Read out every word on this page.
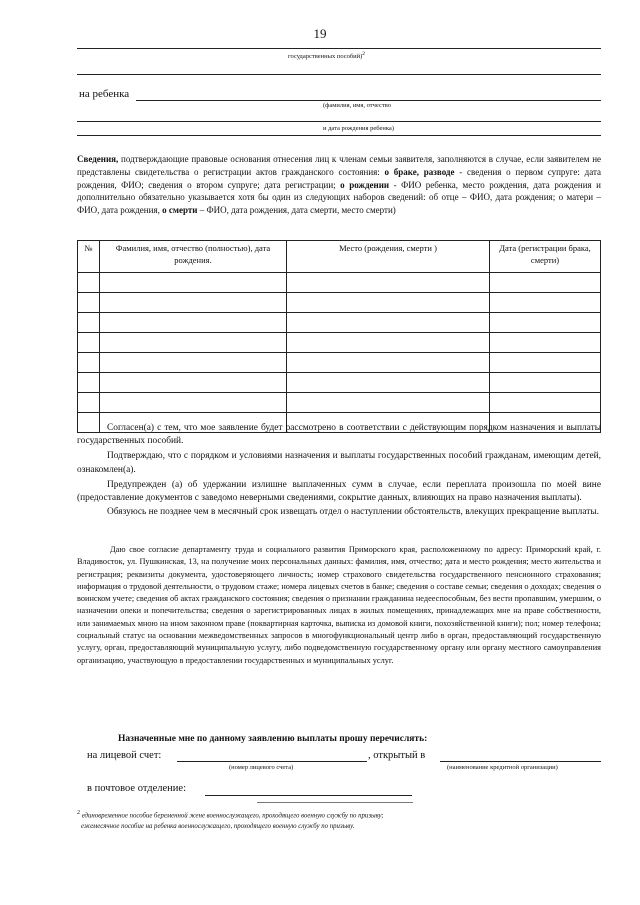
19
государственных пособий)$^2$
на ребенка
(фамилия, имя, отчество
и дата рождения ребенка)
Сведения, подтверждающие правовые основания отнесения лиц к членам семьи заявителя, заполняются в случае, если заявителем не представлены свидетельства о регистрации актов гражданского состояния: о браке, разводе - сведения о первом супруге: дата рождения, ФИО; сведения о втором супруге; дата регистрации; о рождении - ФИО ребенка, место рождения, дата рождения и дополнительно обязательно указывается хотя бы один из следующих наборов сведений: об отце – ФИО, дата рождения; о матери – ФИО, дата рождения, о смерти – ФИО, дата рождения, дата смерти, место смерти)
№	Фамилия, имя, отчество (полностью), дата рождения.	Место (рождения, смерти )	Дата (регистрации брака, смерти)

Согласен(а) с тем, что мое заявление будет рассмотрено в соответствии с действующим порядком назначения и выплаты государственных пособий.

Подтверждаю, что с порядком и условиями назначения и выплаты государственных пособий гражданам, имеющим детей, ознакомлен(а).

Предупрежден (а) об удержании излишне выплаченных сумм в случае, если переплата произошла по моей вине (предоставление документов с заведомо неверными сведениями, сокрытие данных, влияющих на право назначения выплаты).

Обязуюсь не позднее чем в месячный срок извещать отдел о наступлении обстоятельств, влекущих прекращение выплаты.

Даю свое согласие департаменту труда и социального развития Приморского края, расположенному по адресу: Приморский край, г. Владивосток, ул. Пушкинская, 13, на получение моих персональных данных: фамилия, имя, отчество; дата и место рождения; место жительства и регистрация; реквизиты документа, удостоверяющего личность; номер страхового свидетельства государственного пенсионного страхования; информация о трудовой деятельности, о трудовом стаже; номера лицевых счетов в банке; сведения о составе семьи; сведения о доходах; сведения о воинском учете; сведения об актах гражданского состояния; сведения о признании гражданина недееспособным, без вести пропавшим, умершим, о назначении опеки и попечительства; сведения о зарегистрированных лицах в жилых помещениях, принадлежащих мне на праве собственности, или занимаемых мною на ином законном праве (поквартирная карточка, выписка из домовой книги, похозяйственной книги); пол; номер телефона; социальный статус на основании межведомственных запросов в многофункциональный центр либо в орган, предоставляющий государственную услугу, орган, предоставляющий муниципальную услугу, либо подведомственную государственному органу или органу местного самоуправления организацию, участвующую в предоставлении государственных и муниципальных услуг.
Назначенные мне по данному заявлению выплаты прошу перечислять:
на лицевой счет:	, открытый в
(номер лицевого счета)	(наименование кредитной организации)
в почтовое отделение:
$^2$ единовременное пособие беременной жене военнослужащего, проходящего военную службу по призыву;
ежемесячное пособие на ребенка военнослужащего, проходящего военную службу по призыву.
